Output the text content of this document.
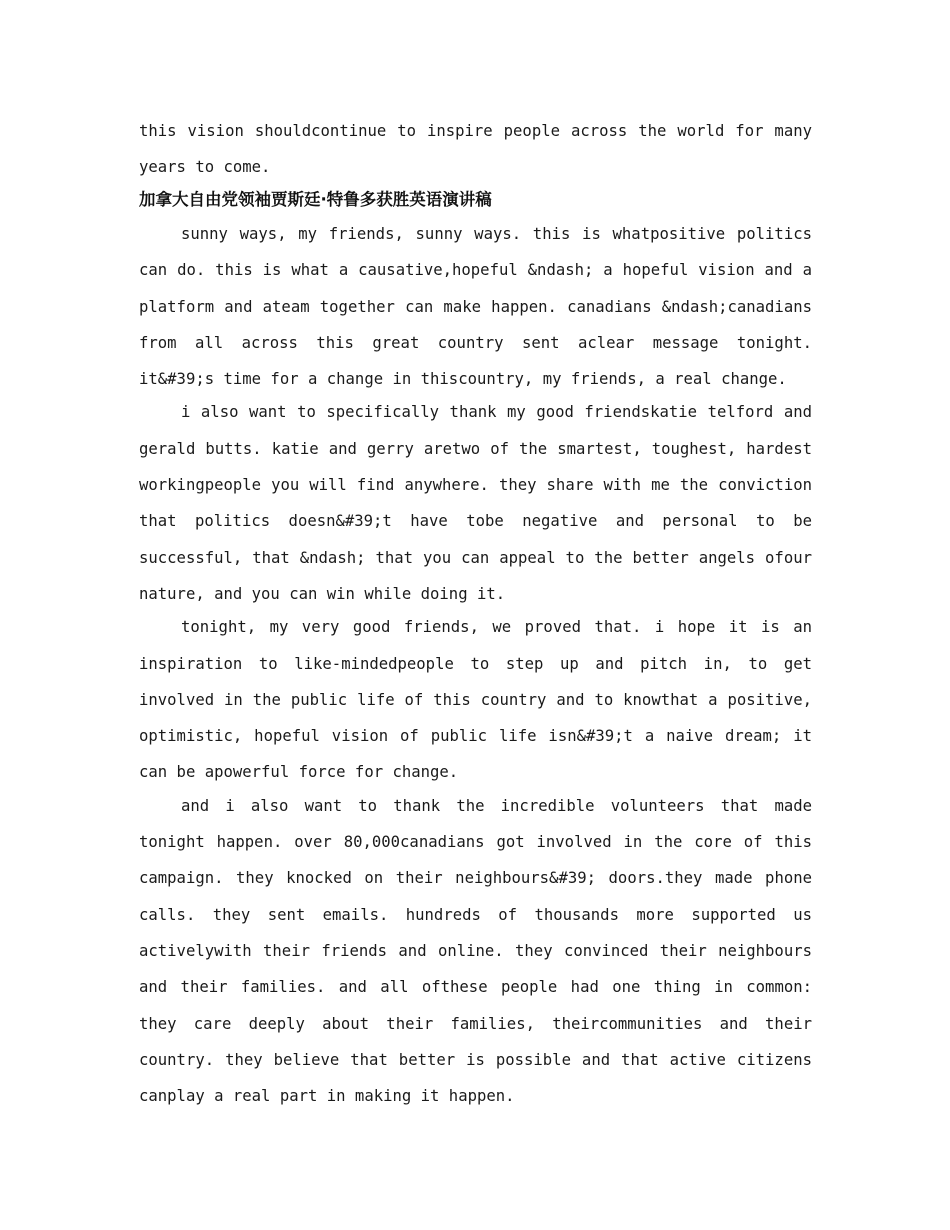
this vision shouldcontinue to inspire people across the world for many years to come.

加拿大自由党领袖贾斯廷·特鲁多获胜英语演讲稿

sunny ways, my friends, sunny ways. this is whatpositive politics can do. this is what a causative,hopeful &ndash; a hopeful vision and a platform and ateam together can make happen. canadians &ndash;canadians from all across this great country sent aclear message tonight. it&#39;s time for a change in thiscountry, my friends, a real change.

i also want to specifically thank my good friendskatie telford and gerald butts. katie and gerry aretwo of the smartest, toughest, hardest workingpeople you will find anywhere. they share with me the conviction that politics doesn&#39;t have tobe negative and personal to be successful, that &ndash; that you can appeal to the better angels ofour nature, and you can win while doing it.

tonight, my very good friends, we proved that. i hope it is an inspiration to like-mindedpeople to step up and pitch in, to get involved in the public life of this country and to knowthat a positive, optimistic, hopeful vision of public life isn&#39;t a naive dream; it can be apowerful force for change.

and i also want to thank the incredible volunteers that made tonight happen. over 80,000canadians got involved in the core of this campaign. they knocked on their neighbours&#39; doors.they made phone calls. they sent emails. hundreds of thousands more supported us activelywith their friends and online. they convinced their neighbours and their families. and all ofthese people had one thing in common: they care deeply about their families, theircommunities and their country. they believe that better is possible and that active citizens canplay a real part in making it happen.
